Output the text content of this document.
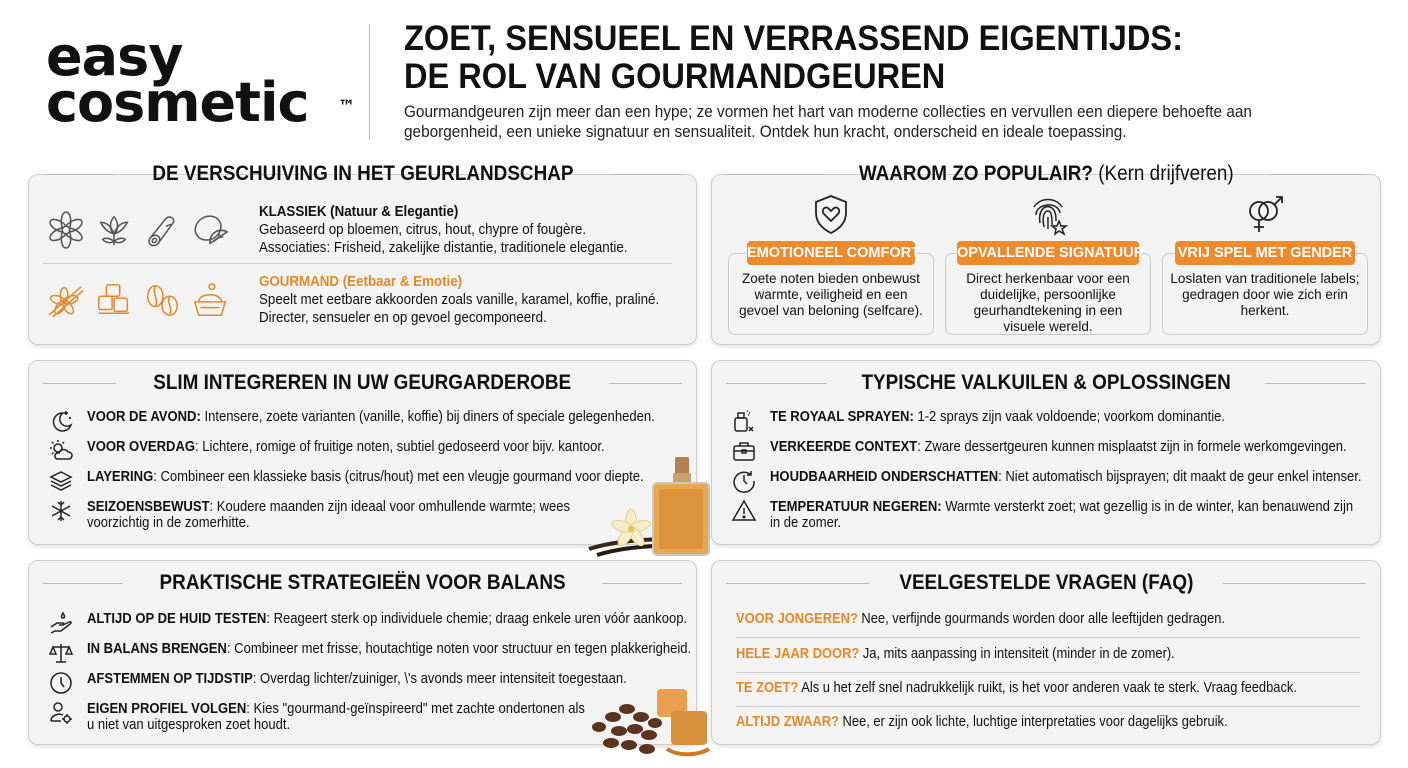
easy
cosmetic	™
ZOET, SENSUEEL EN VERRASSEND EIGENTIJDS:
DE ROL VAN GOURMANDGEUREN
Gourmandgeuren zijn meer dan een hype; ze vormen het hart van moderne collecties en vervullen een diepere behoefte aan geborgenheid, een unieke signatuur en sensualiteit. Ontdek hun kracht, onderscheid en ideale toepassing.
DE VERSCHUIVING IN HET GEURLANDSCHAP
KLASSIEK (Natuur & Elegantie)
Gebaseerd op bloemen, citrus, hout, chypre of fougère.
Associaties: Frisheid, zakelijke distantie, traditionele elegantie.
GOURMAND (Eetbaar & Emotie)
Speelt met eetbare akkoorden zoals vanille, karamel, koffie, praliné.
Directer, sensueler en op gevoel gecomponeerd.
WAAROM ZO POPULAIR? (Kern drijfveren)
EMOTIONEEL COMFORT
Zoete noten bieden onbewust warmte, veiligheid en een gevoel van beloning (selfcare).
OPVALLENDE SIGNATUUR
Direct herkenbaar voor een duidelijke, persoonlijke geurhandtekening in een visuele wereld.
VRIJ SPEL MET GENDER
Loslaten van traditionele labels; gedragen door wie zich erin herkent.
SLIM INTEGREREN IN UW GEURGARDEROBE
VOOR DE AVOND: Intensere, zoete varianten (vanille, koffie) bij diners of speciale gelegenheden.
VOOR OVERDAG: Lichtere, romige of fruitige noten, subtiel gedoseerd voor bijv. kantoor.
LAYERING: Combineer een klassieke basis (citrus/hout) met een vleugje gourmand voor diepte.
SEIZOENSBEWUST: Koudere maanden zijn ideaal voor omhullende warmte; wees
voorzichtig in de zomerhitte.
TYPISCHE VALKUILEN & OPLOSSINGEN
TE ROYAAL SPRAYEN: 1-2 sprays zijn vaak voldoende; voorkom dominantie.
VERKEERDE CONTEXT: Zware dessertgeuren kunnen misplaatst zijn in formele werkomgevingen.
HOUDBAARHEID ONDERSCHATTEN: Niet automatisch bijsprayen; dit maakt de geur enkel intenser.
TEMPERATUUR NEGEREN: Warmte versterkt zoet; wat gezellig is in de winter, kan benauwend zijn
in de zomer.
PRAKTISCHE STRATEGIEËN VOOR BALANS
ALTIJD OP DE HUID TESTEN: Reageert sterk op individuele chemie; draag enkele uren vóór aankoop.
IN BALANS BRENGEN: Combineer met frisse, houtachtige noten voor structuur en tegen plakkerigheid.
AFSTEMMEN OP TIJDSTIP: Overdag lichter/zuiniger, \'s avonds meer intensiteit toegestaan.
EIGEN PROFIEL VOLGEN: Kies "gourmand-geïnspireerd" met zachte ondertonen als
u niet van uitgesproken zoet houdt.
VEELGESTELDE VRAGEN (FAQ)
VOOR JONGEREN? Nee, verfijnde gourmands worden door alle leeftijden gedragen.
HELE JAAR DOOR? Ja, mits aanpassing in intensiteit (minder in de zomer).
TE ZOET? Als u het zelf snel nadrukkelijk ruikt, is het voor anderen vaak te sterk. Vraag feedback.
ALTIJD ZWAAR? Nee, er zijn ook lichte, luchtige interpretaties voor dagelijks gebruik.
